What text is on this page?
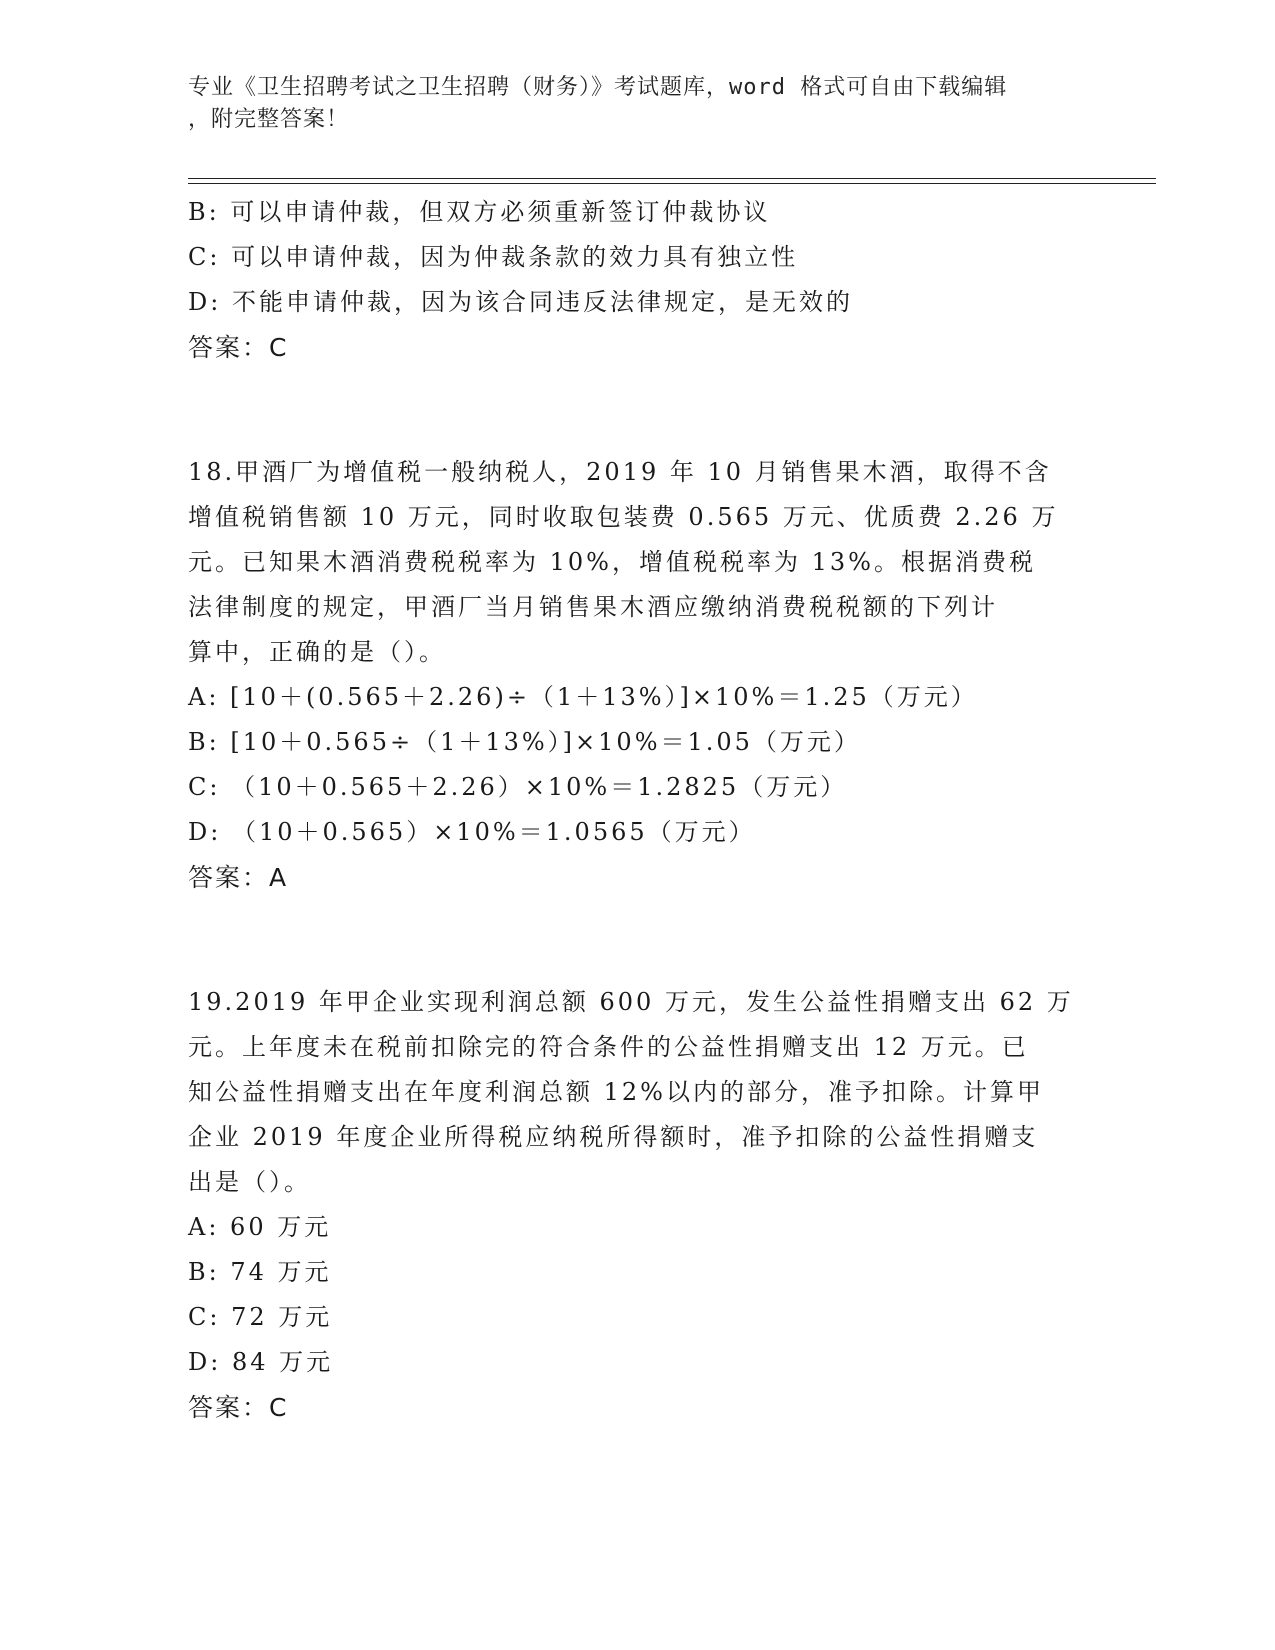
专业《卫生招聘考试之卫生招聘（财务）》考试题库，word 格式可自由下载编辑
，附完整答案！
B: 可以申请仲裁，但双方必须重新签订仲裁协议
C: 可以申请仲裁，因为仲裁条款的效力具有独立性
D: 不能申请仲裁，因为该合同违反法律规定，是无效的
答案：C
18.甲酒厂为增值税一般纳税人，2019 年 10 月销售果木酒，取得不含
增值税销售额 10 万元，同时收取包装费 0.565 万元、优质费 2.26 万
元。已知果木酒消费税税率为 10%，增值税税率为 13%。根据消费税
法律制度的规定，甲酒厂当月销售果木酒应缴纳消费税税额的下列计
算中，正确的是（）。
A: [10＋(0.565＋2.26)÷（1＋13%）]×10%＝1.25（万元）
B: [10＋0.565÷（1＋13%）]×10%＝1.05（万元）
C: （10＋0.565＋2.26）×10%＝1.2825（万元）
D: （10＋0.565）×10%＝1.0565（万元）
答案：A
19.2019 年甲企业实现利润总额 600 万元，发生公益性捐赠支出 62 万
元。上年度未在税前扣除完的符合条件的公益性捐赠支出 12 万元。已
知公益性捐赠支出在年度利润总额 12%以内的部分，准予扣除。计算甲
企业 2019 年度企业所得税应纳税所得额时，准予扣除的公益性捐赠支
出是（）。
A: 60 万元
B: 74 万元
C: 72 万元
D: 84 万元
答案：C
